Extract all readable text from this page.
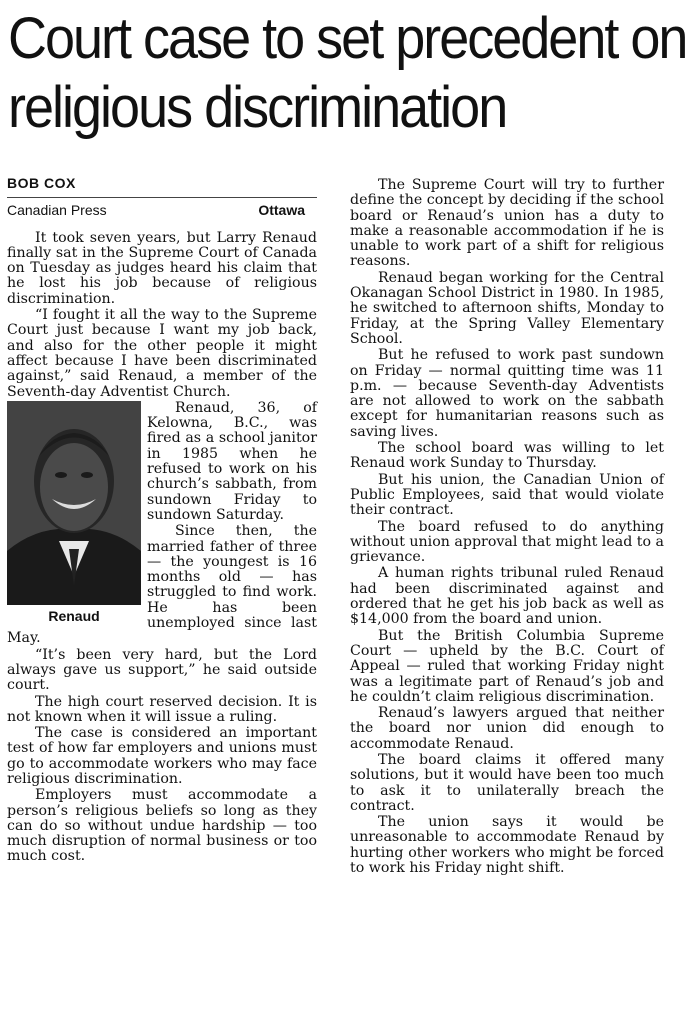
Court case to set precedent on religious discrimination
BOB COX
Canadian Press	Ottawa

It took seven years, but Larry Renaud finally sat in the Supreme Court of Canada on Tuesday as judges heard his claim that he lost his job because of religious discrimination.

“I fought it all the way to the Supreme Court just because I want my job back, and also for the other people it might affect because I have been discriminated against,” said Renaud, a member of the Seventh-day Adventist Church.

Renaud

Renaud, 36, of Kelowna, B.C., was fired as a school janitor in 1985 when he refused to work on his church’s sabbath, from sundown Friday to sundown Saturday.

Since then, the married father of three — the youngest is 16 months old — has struggled to find work. He has been unemployed since last May.

“It’s been very hard, but the Lord always gave us support,” he said outside court.

The high court reserved decision. It is not known when it will issue a ruling.

The case is considered an important test of how far employers and unions must go to accommodate workers who may face religious discrimination.

Employers must accommodate a person’s religious beliefs so long as they can do so without undue hardship — too much disruption of normal business or too much cost.

The Supreme Court will try to further define the concept by deciding if the school board or Renaud’s union has a duty to make a reasonable accommodation if he is unable to work part of a shift for religious reasons.

Renaud began working for the Central Okanagan School District in 1980. In 1985, he switched to afternoon shifts, Monday to Friday, at the Spring Valley Elementary School.

But he refused to work past sundown on Friday — normal quitting time was 11 p.m. — because Seventh-day Adventists are not allowed to work on the sabbath except for humanitarian reasons such as saving lives.

The school board was willing to let Renaud work Sunday to Thursday.

But his union, the Canadian Union of Public Employees, said that would violate their contract.

The board refused to do anything without union approval that might lead to a grievance.

A human rights tribunal ruled Renaud had been discriminated against and ordered that he get his job back as well as $14,000 from the board and union.

But the British Columbia Supreme Court — upheld by the B.C. Court of Appeal — ruled that working Friday night was a legitimate part of Renaud’s job and he couldn’t claim religious discrimination.

Renaud’s lawyers argued that neither the board nor union did enough to accommodate Renaud.

The board claims it offered many solutions, but it would have been too much to ask it to unilaterally breach the contract.

The union says it would be unreasonable to accommodate Renaud by hurting other workers who might be forced to work his Friday night shift.
